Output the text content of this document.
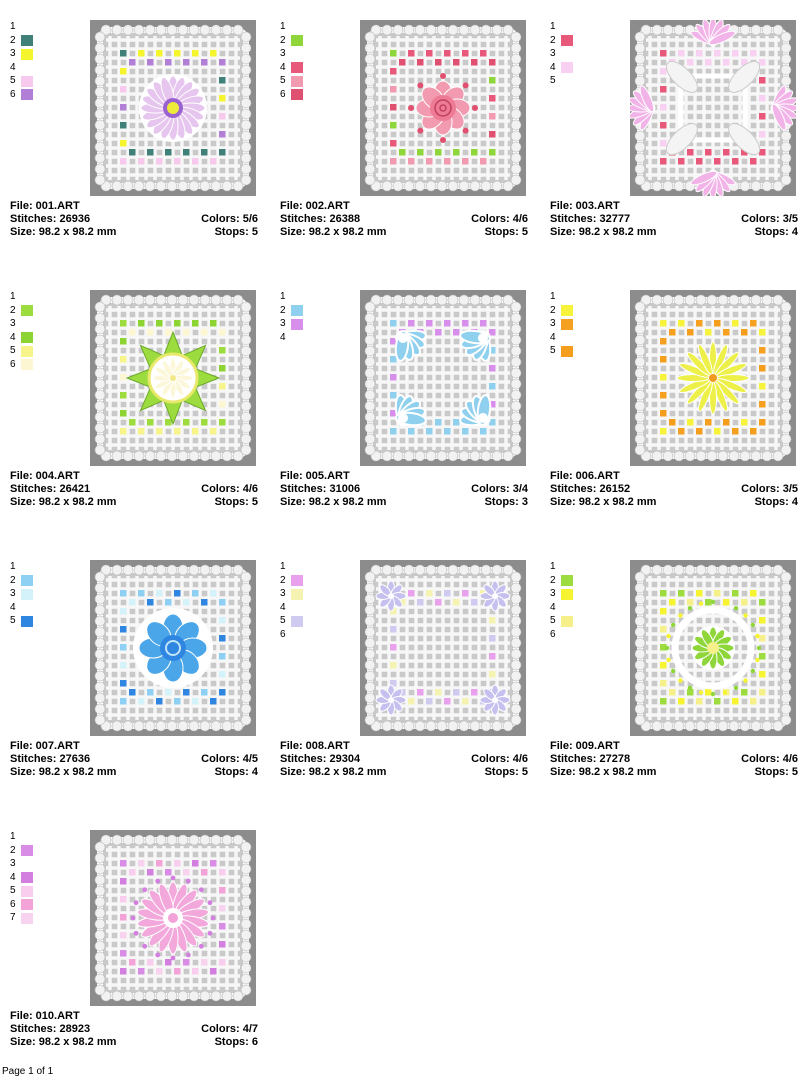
1
2
3
4
5
6
File: 001.ART
Stitches: 26936	Colors: 5/6
Size: 98.2 x 98.2 mm	Stops: 5
1
2
3
4
5
6
File: 002.ART
Stitches: 26388	Colors: 4/6
Size: 98.2 x 98.2 mm	Stops: 5
1
2
3
4
5
File: 003.ART
Stitches: 32777	Colors: 3/5
Size: 98.2 x 98.2 mm	Stops: 4
1
2
3
4
5
6
File: 004.ART
Stitches: 26421	Colors: 4/6
Size: 98.2 x 98.2 mm	Stops: 5
1
2
3
4
File: 005.ART
Stitches: 31006	Colors: 3/4
Size: 98.2 x 98.2 mm	Stops: 3
1
2
3
4
5
File: 006.ART
Stitches: 26152	Colors: 3/5
Size: 98.2 x 98.2 mm	Stops: 4
1
2
3
4
5
File: 007.ART
Stitches: 27636	Colors: 4/5
Size: 98.2 x 98.2 mm	Stops: 4
1
2
3
4
5
6
File: 008.ART
Stitches: 29304	Colors: 4/6
Size: 98.2 x 98.2 mm	Stops: 5
1
2
3
4
5
6
File: 009.ART
Stitches: 27278	Colors: 4/6
Size: 98.2 x 98.2 mm	Stops: 5
1
2
3
4
5
6
7
File: 010.ART
Stitches: 28923	Colors: 4/7
Size: 98.2 x 98.2 mm	Stops: 6
Page 1 of 1
